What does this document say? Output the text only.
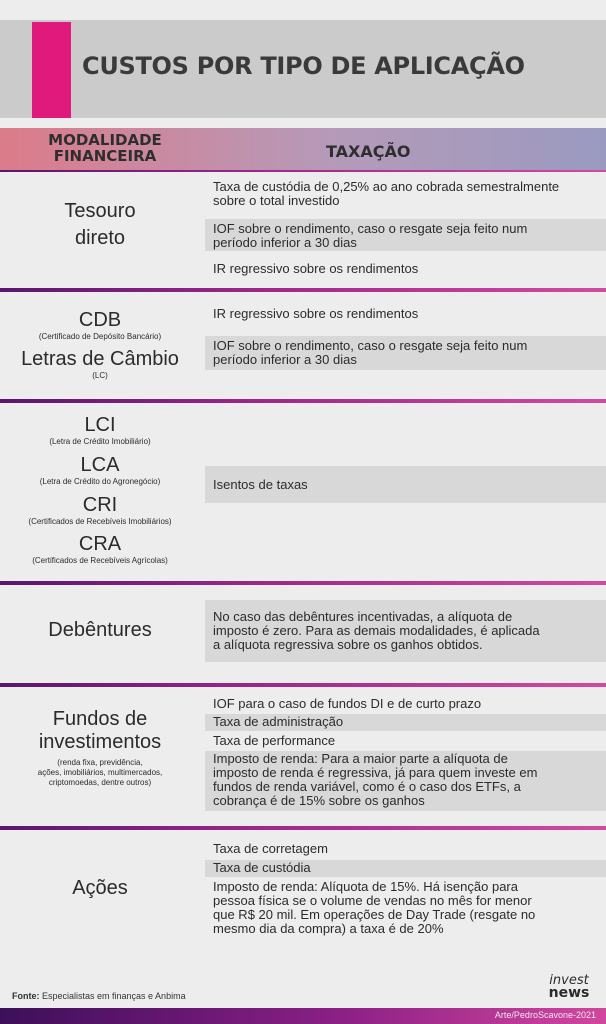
CUSTOS POR TIPO DE APLICAÇÃO
MODALIDADE
FINANCEIRA	TAXAÇÃO
Tesouro
direto
Taxa de custódia de 0,25% ao ano cobrada semestralmente
sobre o total investido
IOF sobre o rendimento, caso o resgate seja feito num
período inferior a 30 dias
IR regressivo sobre os rendimentos
CDB
(Certificado de Depósito Bancário)
Letras de Câmbio
(LC)
IR regressivo sobre os rendimentos
IOF sobre o rendimento, caso o resgate seja feito num
período inferior a 30 dias
LCI
(Letra de Crédito Imobiliário)
LCA
(Letra de Crédito do Agronegócio)
CRI
(Certificados de Recebíveis Imobiliários)
CRA
(Certificados de Recebíveis Agrícolas)
Isentos de taxas
Debêntures
No caso das debêntures incentivadas, a alíquota de
imposto é zero. Para as demais modalidades, é aplicada
a alíquota regressiva sobre os ganhos obtidos.
Fundos de
investimentos
(renda fixa, previdência,
ações, imobiliários, multimercados,
criptomoedas, dentre outros)
IOF para o caso de fundos DI e de curto prazo
Taxa de administração
Taxa de performance
Imposto de renda: Para a maior parte a alíquota de
imposto de renda é regressiva, já para quem investe em
fundos de renda variável, como é o caso dos ETFs, a
cobrança é de 15% sobre os ganhos
Ações
Taxa de corretagem
Taxa de custódia
Imposto de renda: Alíquota de 15%. Há isenção para
pessoa física se o volume de vendas no mês for menor
que R$ 20 mil. Em operações de Day Trade (resgate no
mesmo dia da compra) a taxa é de 20%
Fonte: Especialistas em finanças e Anbima
invest
news
Arte/PedroScavone-2021
